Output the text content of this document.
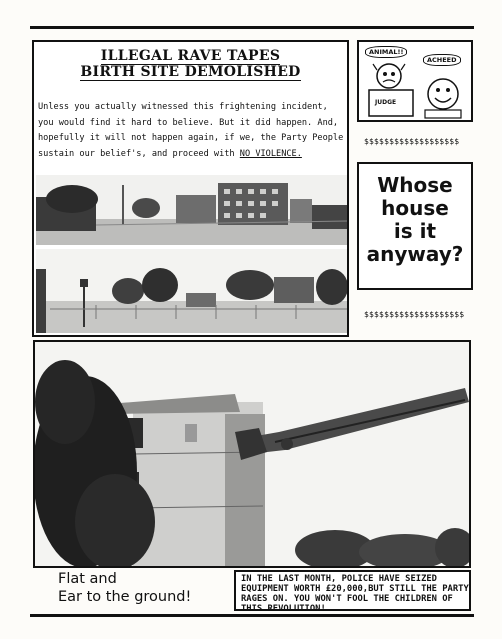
ILLEGAL RAVE TAPES
BIRTH SITE DEMOLISHED
Unless you actually witnessed this frightening incident, you would find it hard to believe. But it did happen. And, hopefully it will not happen again, if we, the Party People sustain our belief's, and proceed with NO VIOLENCE.
ANIMAL!!
ACHEED
JUDGE
$$$$$$$$$$$$$$$$$$$
Whose
house
is it
anyway?
$$$$$$$$$$$$$$$$$$$$
Flat and
Ear to the ground!
IN THE LAST MONTH, POLICE HAVE SEIZED EQUIPMENT WORTH £20,000,BUT STILL THE PARTY RAGES ON. YOU WON'T FOOL THE CHILDREN OF THIS REVOLUTION!
